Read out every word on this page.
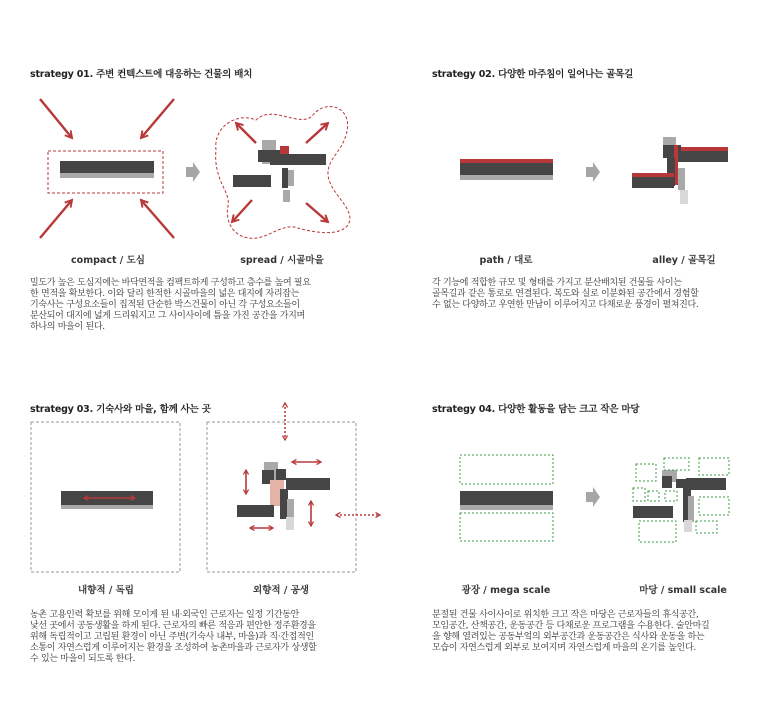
strategy 01. 주변 컨텍스트에 대응하는 건물의 배치	strategy 02. 다양한 마주침이 일어나는 골목길
strategy 03. 기숙사와 마을, 함께 사는 곳	strategy 04. 다양한 활동을 담는 크고 작은 마당
compact / 도심	spread / 시골마을	path / 대로	alley / 골목길
내향적 / 독립	외향적 / 공생	광장 / mega scale	마당 / small scale
밀도가 높은 도심지에는 바닥면적을 컴팩트하게 구성하고 층수를 높여 필요
한 면적을 확보한다. 이와 달리 한적한 시골마을의 넓은 대지에 자리잡는
기숙사는 구성요소들이 집적된 단순한 박스건물이 아닌 각 구성요소들이
분산되어 대지에 넓게 드리워지고 그 사이사이에 틈을 가진 공간을 가지며
하나의 마을이 된다.
각 기능에 적합한 규모 및 형태를 가지고 분산배치된 건물들 사이는
골목길과 같은 통로로 연결된다. 복도와 실로 이분화된 공간에서 경험할
수 없는 다양하고 우연한 만남이 이루어지고 다채로운 풍경이 펼쳐진다.
농촌 고용인력 확보를 위해 모이게 된 내·외국인 근로자는 일정 기간동안
낯선 곳에서 공동생활을 하게 된다. 근로자의 빠른 적응과 편안한 정주환경을
위해 독립적이고 고립된 환경이 아닌 주변(기숙사 내부, 마을)과 직·간접적인
소통이 자연스럽게 이루어지는 환경을 조성하여 농촌마을과 근로자가 상생할
수 있는 마을이 되도록 한다.
분절된 건물 사이사이로 위치한 크고 작은 마당은 근로자들의 휴식공간,
모임공간, 산책공간, 운동공간 등 다채로운 프로그램을 수용한다. 술안마길
을 향해 열려있는 공동부엌의 외부공간과 운동공간은 식사와 운동을 하는
모습이 자연스럽게 외부로 보여지며 자연스럽게 마을의 온기를 높인다.
